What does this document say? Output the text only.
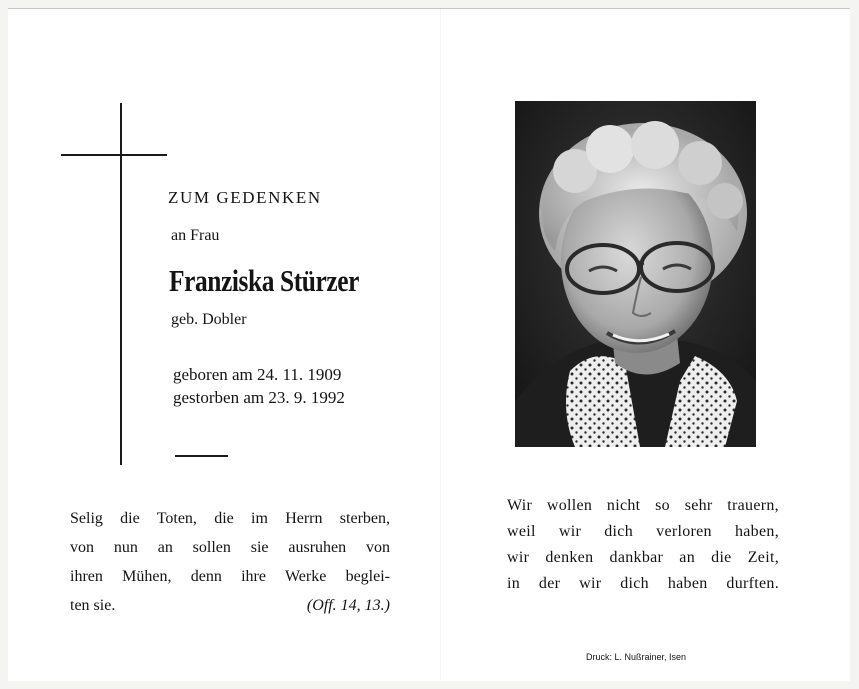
ZUM GEDENKEN
an Frau
Franziska Stürzer
geb. Dobler
geboren am 24. 11. 1909
gestorben am 23. 9. 1992
Selig die Toten, die im Herrn sterben,
von nun an sollen sie ausruhen von
ihren Mühen, denn ihre Werke beglei-
ten sie.	(Off. 14, 13.)
Wir wollen nicht so sehr trauern,
weil wir dich verloren haben,
wir denken dankbar an die Zeit,
in der wir dich haben durften.
Druck: L. Nußrainer, Isen
